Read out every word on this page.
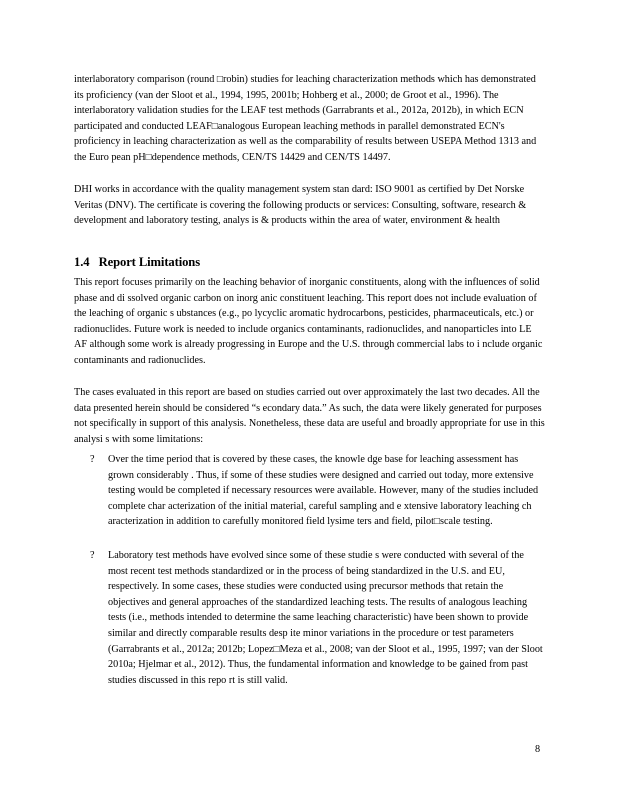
interlaboratory comparison (round □robin) studies for leaching characterization methods which has demonstrated its proficiency (van der Sloot et al., 1994, 1995, 2001b; Hohberg et al., 2000; de Groot et al., 1996). The interlaboratory validation studies for the LEAF test methods (Garrabrants et al., 2012a, 2012b), in which ECN participated and conducted LEAF□analogous European leaching methods in parallel demonstrated ECN's proficiency in leaching characterization as well as the comparability of results between USEPA Method 1313 and the Euro pean pH□dependence methods, CEN/TS 14429 and CEN/TS 14497.

DHI works in accordance with the quality management system stan dard: ISO 9001 as certified by Det Norske Veritas (DNV). The certificate is covering the following products or services: Consulting, software, research & development and laboratory testing, analys is & products within the area of water, environment & health

1.4 Report Limitations

This report focuses primarily on the leaching behavior of inorganic constituents, along with the influences of solid phase and di ssolved organic carbon on inorg anic constituent leaching. This report does not include evaluation of the leaching of organic s ubstances (e.g., po lycyclic aromatic hydrocarbons, pesticides, pharmaceuticals, etc.) or radionuclides. Future work is needed to include organics contaminants, radionuclides, and nanoparticles into LE AF although some work is already progressing in Europe and the U.S. through commercial labs to i nclude organic contaminants and radionuclides.

The cases evaluated in this report are based on studies carried out over approximately the last two decades. All the data presented herein should be considered “s econdary data.” As such, the data were likely generated for purposes not specifically in support of this analysis. Nonetheless, these data are useful and broadly appropriate for use in this analysi s with some limitations:

? Over the time period that is covered by these cases, the knowle dge base for leaching assessment has grown considerably . Thus, if some of these studies were designed and carried out today, more extensive testing would be completed if necessary resources were available. However, many of the studies included complete char acterization of the initial material, careful sampling and e xtensive laboratory leaching ch aracterization in addition to carefully monitored field lysime ters and field, pilot□scale testing.

? Laboratory test methods have evolved since some of these studie s were conducted with several of the most recent test methods standardized or in the process of being standardized in the U.S. and EU, respectively. In some cases, these studies were conducted using precursor methods that retain the objectives and general approaches of the standardized leaching tests. The results of analogous leaching tests (i.e., methods intended to determine the same leaching characteristic) have been shown to provide similar and directly comparable results desp ite minor variations in the procedure or test parameters (Garrabrants et al., 2012a; 2012b; Lopez□Meza et al., 2008; van der Sloot et al., 1995, 1997; van der Sloot 2010a; Hjelmar et al., 2012). Thus, the fundamental information and knowledge to be gained from past studies discussed in this repo rt is still valid.

8
